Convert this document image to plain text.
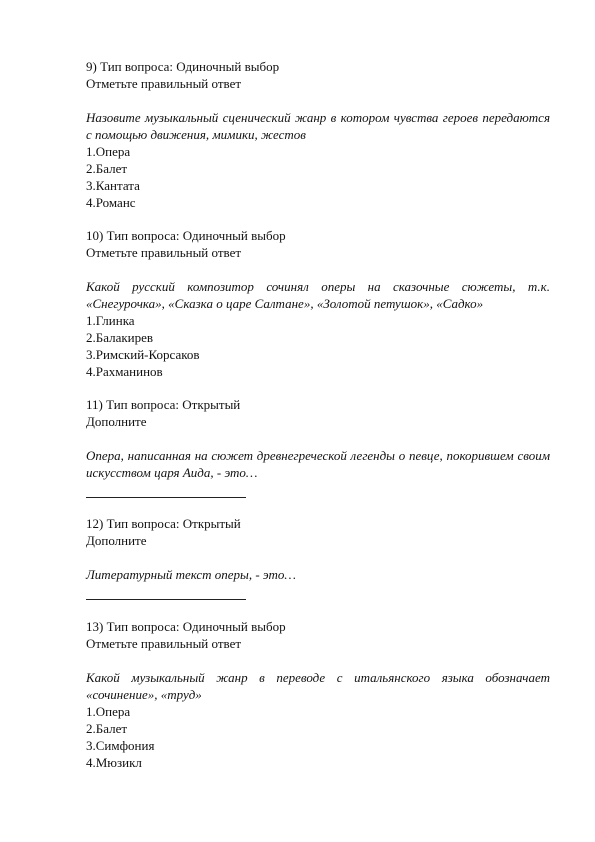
9) Тип вопроса: Одиночный выбор
Отметьте правильный ответ
Назовите музыкальный сценический жанр в котором чувства героев передаются с помощью движения, мимики, жестов
1.Опера
2.Балет
3.Кантата
4.Романс
10) Тип вопроса: Одиночный выбор
Отметьте правильный ответ
Какой русский композитор сочинял оперы на сказочные сюжеты, т.к. «Снегурочка», «Сказка о царе Салтане», «Золотой петушок», «Садко»
1.Глинка
2.Балакирев
3.Римский-Корсаков
4.Рахманинов
11) Тип вопроса: Открытый
Дополните
Опера, написанная на сюжет древнегреческой легенды о певце, покорившем своим искусством царя Аида, - это…
12) Тип вопроса: Открытый
Дополните
Литературный текст оперы, - это…
13) Тип вопроса: Одиночный выбор
Отметьте правильный ответ
Какой музыкальный жанр в переводе с итальянского языка обозначает «сочинение», «труд»
1.Опера
2.Балет
3.Симфония
4.Мюзикл
